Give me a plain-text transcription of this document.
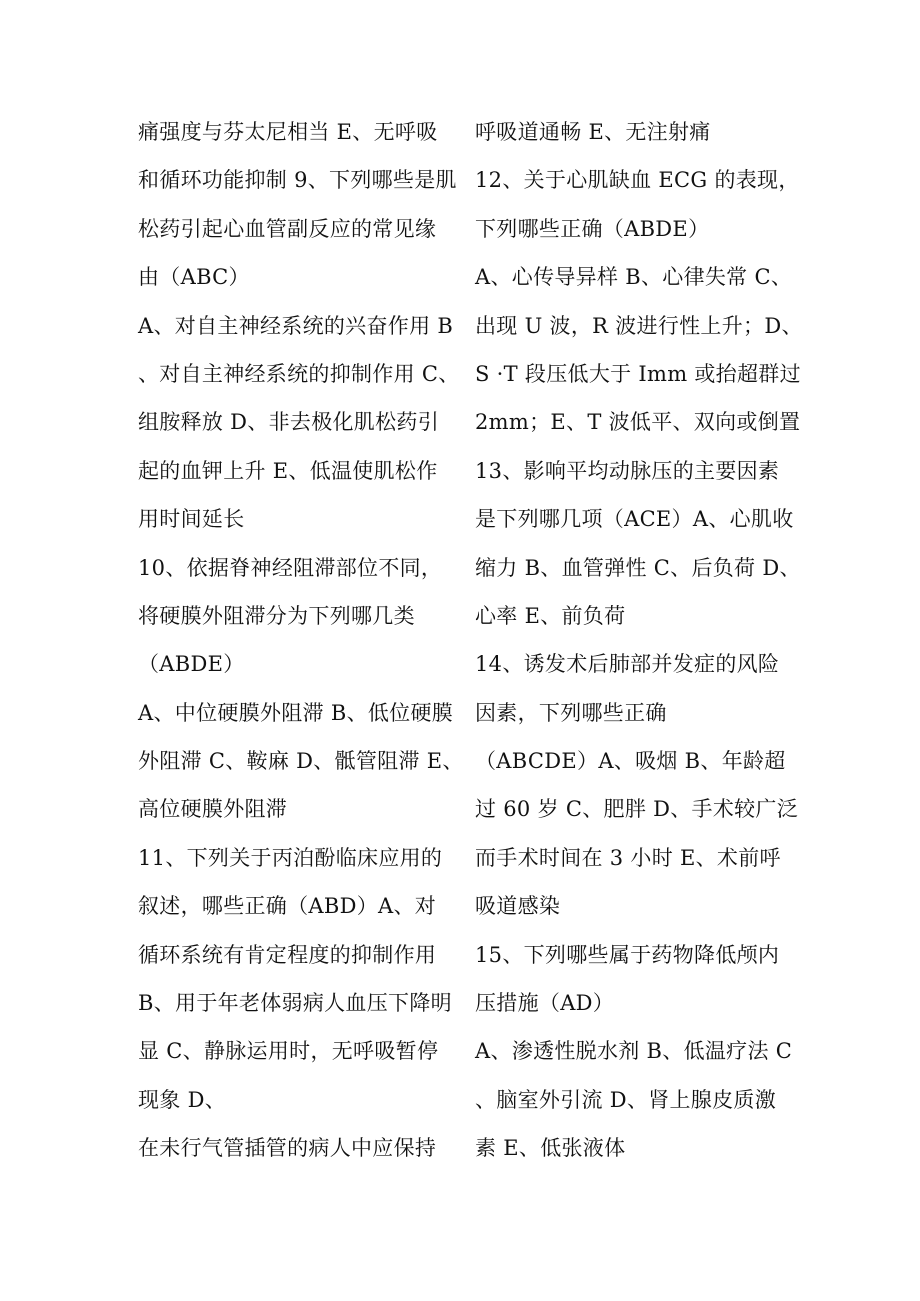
痛强度与芬太尼相当 E、无呼吸
和循环功能抑制 9、下列哪些是肌
松药引起心血管副反应的常见缘
由（ABC）
A、对自主神经系统的兴奋作用 B
、对自主神经系统的抑制作用 C、
组胺释放 D、非去极化肌松药引
起的血钾上升 E、低温使肌松作
用时间延长
10、依据脊神经阻滞部位不同，
将硬膜外阻滞分为下列哪几类
（ABDE）
A、中位硬膜外阻滞 B、低位硬膜
外阻滞 C、鞍麻 D、骶管阻滞 E、
高位硬膜外阻滞
11、下列关于丙泊酚临床应用的
叙述，哪些正确（ABD）A、对
循环系统有肯定程度的抑制作用
B、用于年老体弱病人血压下降明
显 C、静脉运用时，无呼吸暂停
现象 D、
在未行气管插管的病人中应保持
呼吸道通畅 E、无注射痛
12、关于心肌缺血 ECG 的表现，
下列哪些正确（ABDE）
A、心传导异样 B、心律失常 C、
出现 U 波，R 波进行性上升；D、
S ·T 段压低大于 Imm 或抬超群过
2mm；E、T 波低平、双向或倒置
13、影响平均动脉压的主要因素
是下列哪几项（ACE）A、心肌收
缩力 B、血管弹性 C、后负荷 D、
心率 E、前负荷
14、诱发术后肺部并发症的风险
因素，下列哪些正确
（ABCDE）A、吸烟 B、年龄超
过 60 岁 C、肥胖 D、手术较广泛
而手术时间在 3 小时 E、术前呼
吸道感染
15、下列哪些属于药物降低颅内
压措施（AD）
A、渗透性脱水剂 B、低温疗法 C
、脑室外引流 D、肾上腺皮质激
素 E、低张液体
